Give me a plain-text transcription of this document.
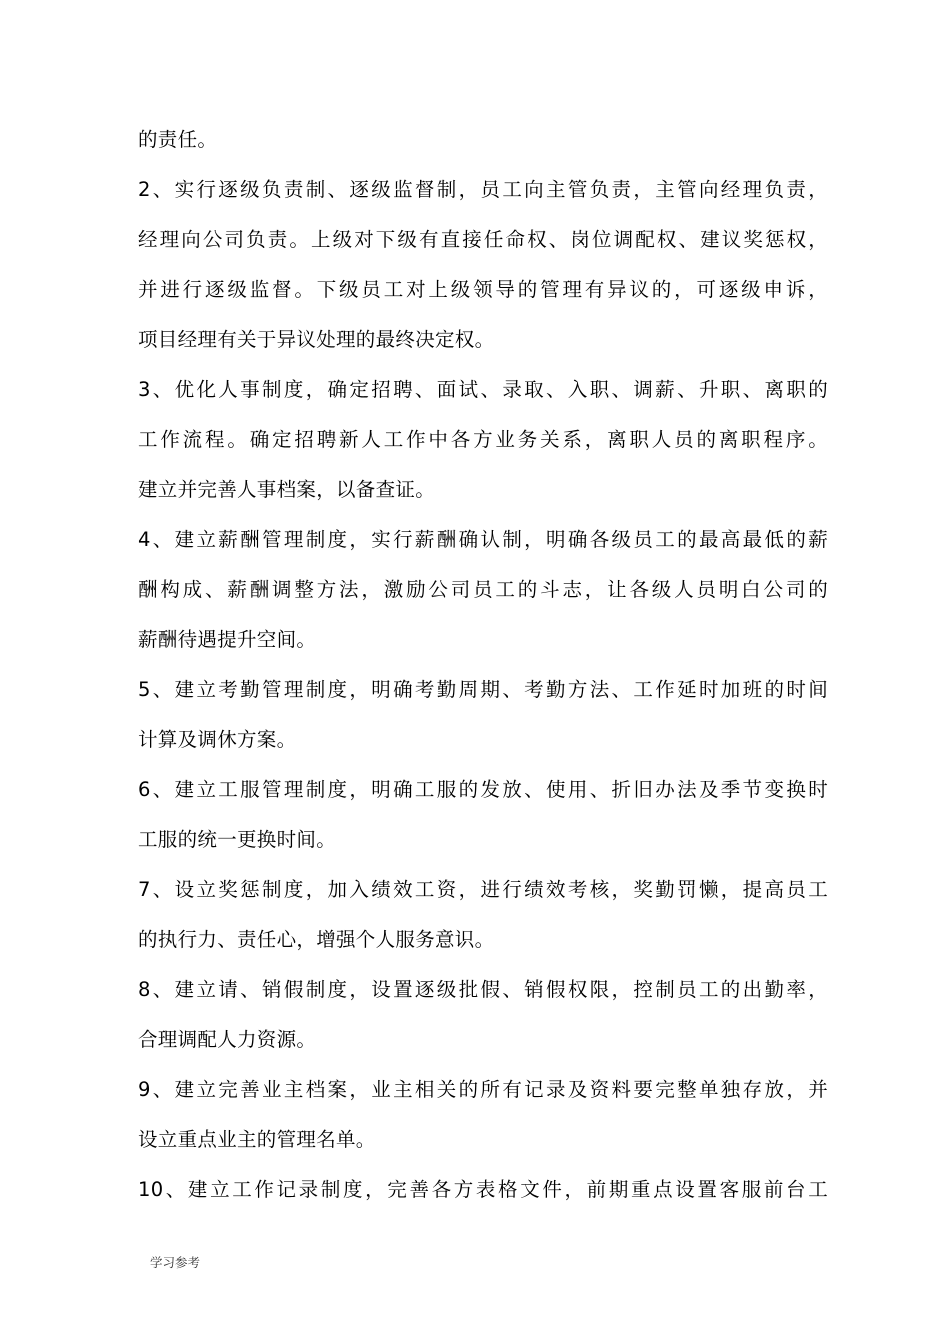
的责任。
2、实行逐级负责制、逐级监督制，员工向主管负责，主管向经理负责，
经理向公司负责。上级对下级有直接任命权、岗位调配权、建议奖惩权，
并进行逐级监督。下级员工对上级领导的管理有异议的，可逐级申诉，
项目经理有关于异议处理的最终决定权。
3、优化人事制度，确定招聘、面试、录取、入职、调薪、升职、离职的
工作流程。确定招聘新人工作中各方业务关系，离职人员的离职程序。
建立并完善人事档案，以备查证。
4、建立薪酬管理制度，实行薪酬确认制，明确各级员工的最高最低的薪
酬构成、薪酬调整方法，激励公司员工的斗志，让各级人员明白公司的
薪酬待遇提升空间。
5、建立考勤管理制度，明确考勤周期、考勤方法、工作延时加班的时间
计算及调休方案。
6、建立工服管理制度，明确工服的发放、使用、折旧办法及季节变换时
工服的统一更换时间。
7、设立奖惩制度，加入绩效工资，进行绩效考核，奖勤罚懒，提高员工
的执行力、责任心，增强个人服务意识。
8、建立请、销假制度，设置逐级批假、销假权限，控制员工的出勤率，
合理调配人力资源。
9、建立完善业主档案，业主相关的所有记录及资料要完整单独存放，并
设立重点业主的管理名单。
10、建立工作记录制度，完善各方表格文件，前期重点设置客服前台工
学习参考
